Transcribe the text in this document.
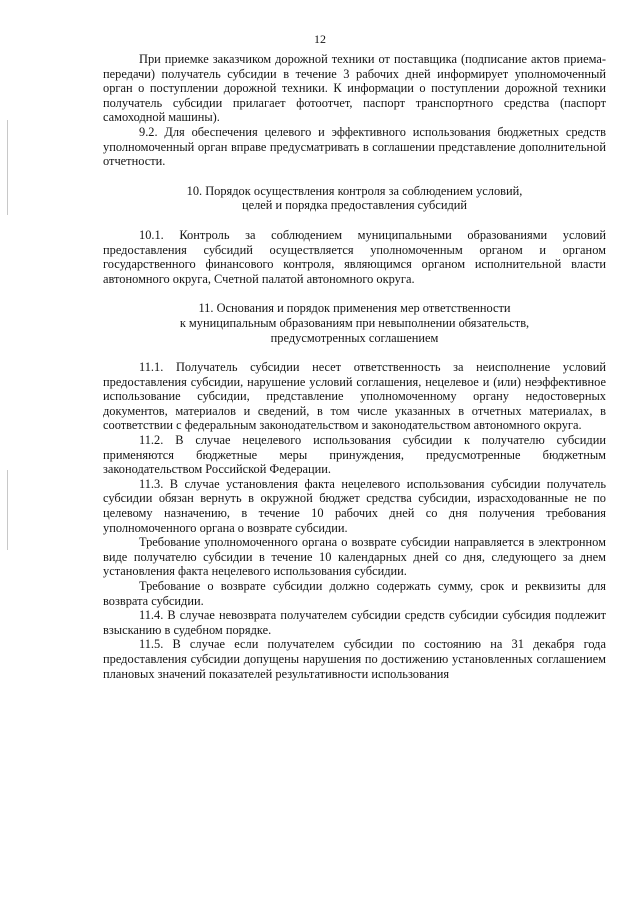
12

При приемке заказчиком дорожной техники от поставщика (подписание актов приема-передачи) получатель субсидии в течение 3 рабочих дней информирует уполномоченный орган о поступлении дорожной техники. К информации о поступлении дорожной техники получатель субсидии прилагает фотоотчет, паспорт транспортного средства (паспорт самоходной машины).

9.2. Для обеспечения целевого и эффективного использования бюджетных средств уполномоченный орган вправе предусматривать в соглашении представление дополнительной отчетности.

10. Порядок осуществления контроля за соблюдением условий,

целей и порядка предоставления субсидий

10.1. Контроль за соблюдением муниципальными образованиями условий предоставления субсидий осуществляется уполномоченным органом и органом государственного финансового контроля, являющимся органом исполнительной власти автономного округа, Счетной палатой автономного округа.

11. Основания и порядок применения мер ответственности

к муниципальным образованиям при невыполнении обязательств,

предусмотренных соглашением

11.1. Получатель субсидии несет ответственность за неисполнение условий предоставления субсидии, нарушение условий соглашения, нецелевое и (или) неэффективное использование субсидии, представление уполномоченному органу недостоверных документов, материалов и сведений, в том числе указанных в отчетных материалах, в соответствии с федеральным законодательством и законодательством автономного округа.

11.2. В случае нецелевого использования субсидии к получателю субсидии применяются бюджетные меры принуждения, предусмотренные бюджетным законодательством Российской Федерации.

11.3. В случае установления факта нецелевого использования субсидии получатель субсидии обязан вернуть в окружной бюджет средства субсидии, израсходованные не по целевому назначению, в течение 10 рабочих дней со дня получения требования уполномоченного органа о возврате субсидии.

Требование уполномоченного органа о возврате субсидии направляется в электронном виде получателю субсидии в течение 10 календарных дней со дня, следующего за днем установления факта нецелевого использования субсидии.

Требование о возврате субсидии должно содержать сумму, срок и реквизиты для возврата субсидии.

11.4. В случае невозврата получателем субсидии средств субсидии субсидия подлежит взысканию в судебном порядке.

11.5. В случае если получателем субсидии по состоянию на 31 декабря года предоставления субсидии допущены нарушения по достижению установленных соглашением плановых значений показателей результативности использования
